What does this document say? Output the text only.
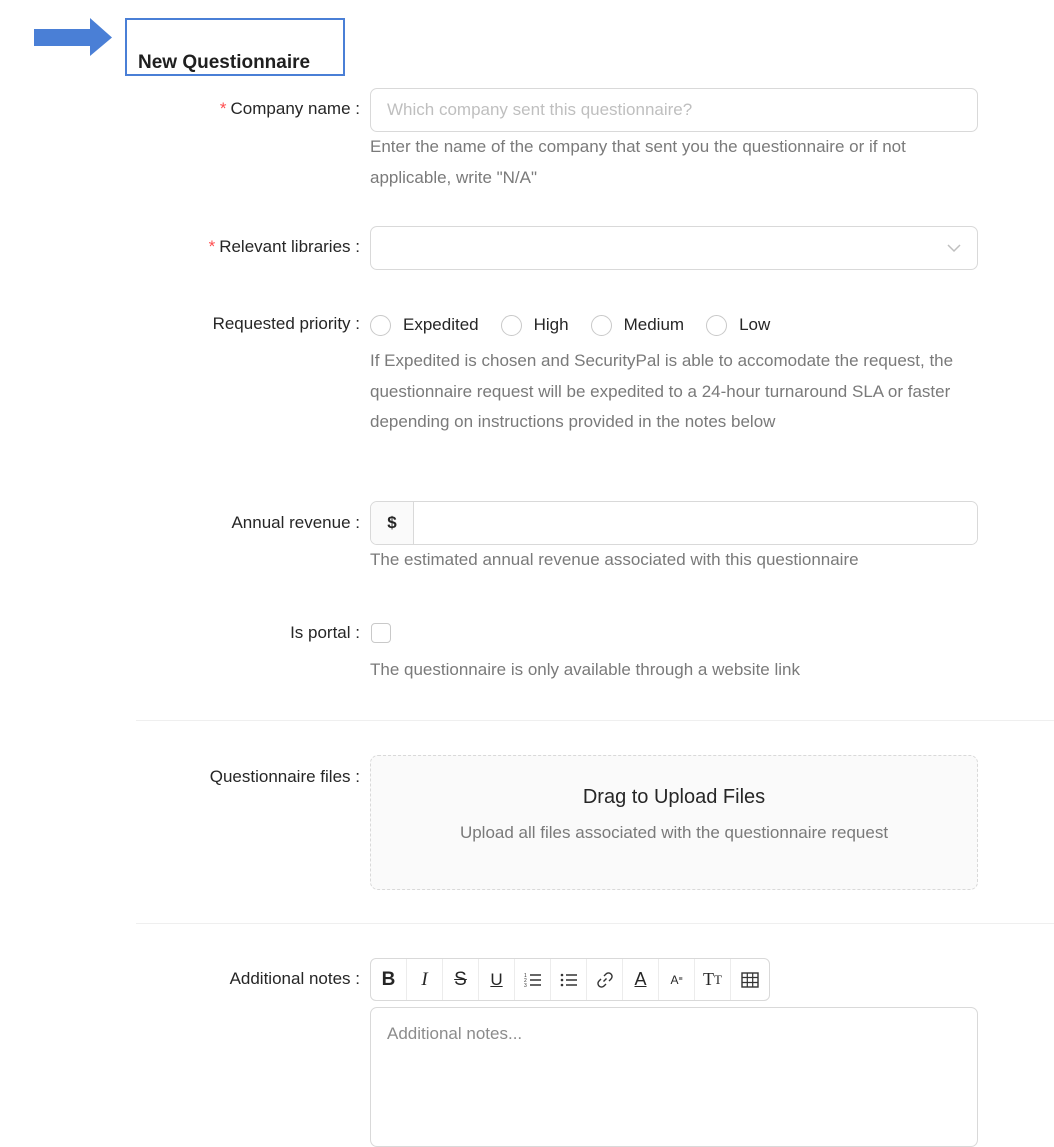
New Questionnaire
* Company name :
Which company sent this questionnaire?
Enter the name of the company that sent you the questionnaire or if not applicable, write "N/A"
* Relevant libraries :
Requested priority :	Expedited	High	Medium	Low
If Expedited is chosen and SecurityPal is able to accomodate the request, the questionnaire request will be expedited to a 24-hour turnaround SLA or faster depending on instructions provided in the notes below
Annual revenue :	$
The estimated annual revenue associated with this questionnaire
Is portal :
The questionnaire is only available through a website link
Questionnaire files :
Drag to Upload Files
Upload all files associated with the questionnaire request
Additional notes :	B	I	S	U	1
2
3	A	A ≡	T T
Additional notes...
